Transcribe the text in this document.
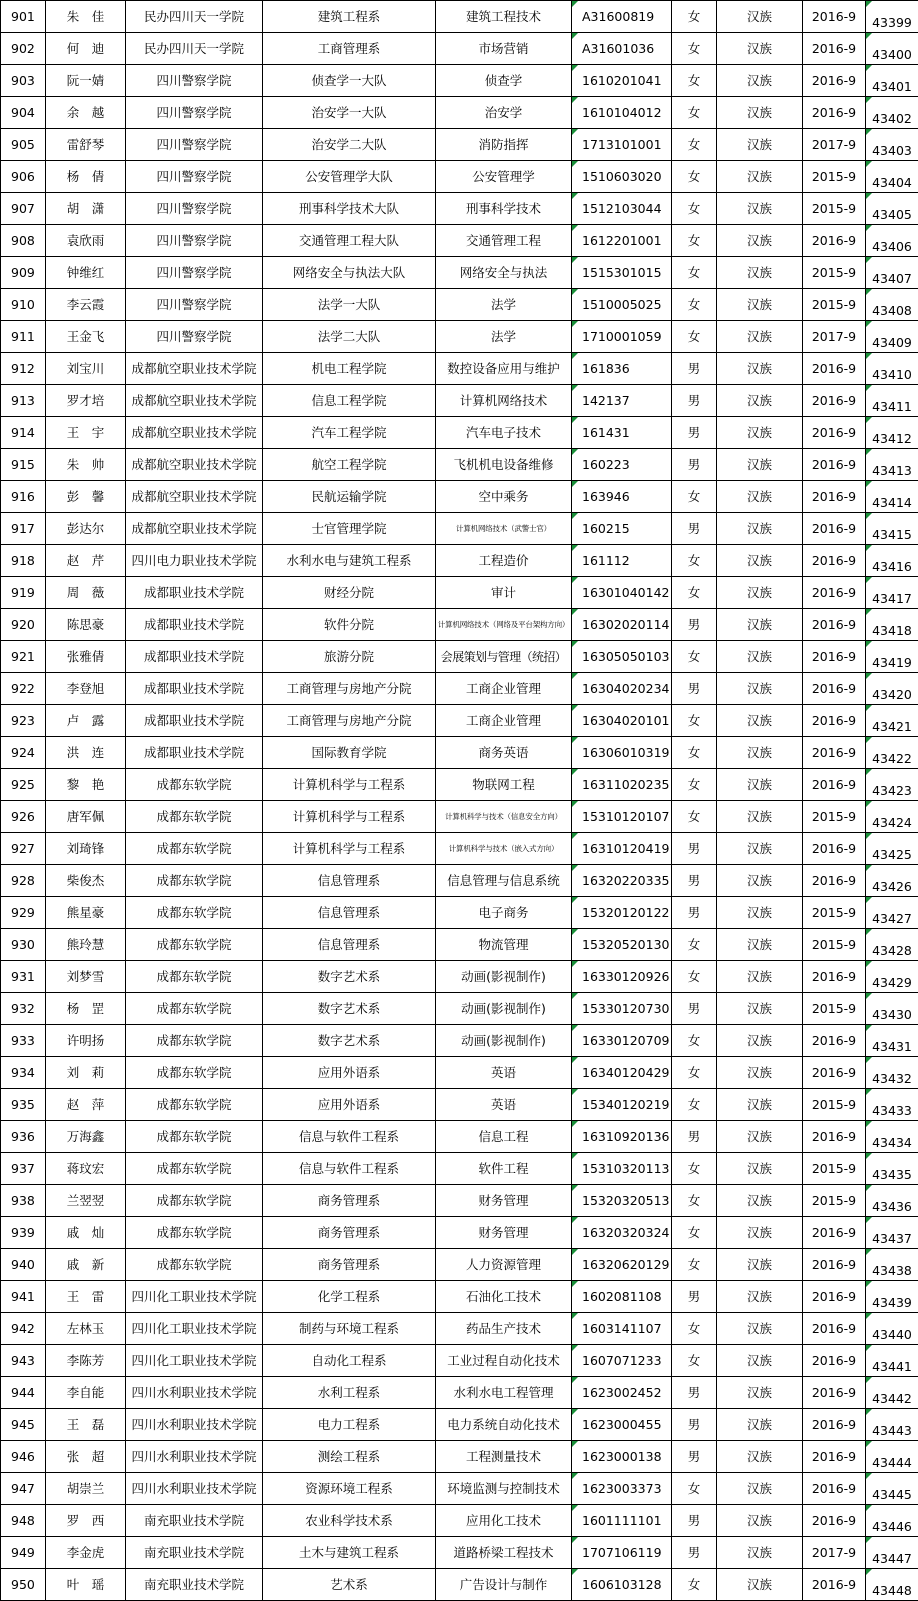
901	朱　佳	民办四川天一学院	建筑工程系	建筑工程技术	A31600819	女	汉族	2016-9	43399
902	何　迪	民办四川天一学院	工商管理系	市场营销	A31601036	女	汉族	2016-9	43400
903	阮一婧	四川警察学院	侦查学一大队	侦查学	1610201041	女	汉族	2016-9	43401
904	余　越	四川警察学院	治安学一大队	治安学	1610104012	女	汉族	2016-9	43402
905	雷舒琴	四川警察学院	治安学二大队	消防指挥	1713101001	女	汉族	2017-9	43403
906	杨　倩	四川警察学院	公安管理学大队	公安管理学	1510603020	女	汉族	2015-9	43404
907	胡　潇	四川警察学院	刑事科学技术大队	刑事科学技术	1512103044	女	汉族	2015-9	43405
908	袁欣雨	四川警察学院	交通管理工程大队	交通管理工程	1612201001	女	汉族	2016-9	43406
909	钟维红	四川警察学院	网络安全与执法大队	网络安全与执法	1515301015	女	汉族	2015-9	43407
910	李云霞	四川警察学院	法学一大队	法学	1510005025	女	汉族	2015-9	43408
911	王金飞	四川警察学院	法学二大队	法学	1710001059	女	汉族	2017-9	43409
912	刘宝川	成都航空职业技术学院	机电工程学院	数控设备应用与维护	161836	男	汉族	2016-9	43410
913	罗才培	成都航空职业技术学院	信息工程学院	计算机网络技术	142137	男	汉族	2016-9	43411
914	王　宇	成都航空职业技术学院	汽车工程学院	汽车电子技术	161431	男	汉族	2016-9	43412
915	朱　帅	成都航空职业技术学院	航空工程学院	飞机机电设备维修	160223	男	汉族	2016-9	43413
916	彭　馨	成都航空职业技术学院	民航运输学院	空中乘务	163946	女	汉族	2016-9	43414
917	彭达尔	成都航空职业技术学院	士官管理学院	计算机网络技术（武警士官）	160215	男	汉族	2016-9	43415
918	赵　芹	四川电力职业技术学院	水利水电与建筑工程系	工程造价	161112	女	汉族	2016-9	43416
919	周　薇	成都职业技术学院	财经分院	审计	16301040142	女	汉族	2016-9	43417
920	陈思豪	成都职业技术学院	软件分院	计算机网络技术（网络及平台架构方向）	16302020114	男	汉族	2016-9	43418
921	张雅倩	成都职业技术学院	旅游分院	会展策划与管理（统招）	16305050103	女	汉族	2016-9	43419
922	李登旭	成都职业技术学院	工商管理与房地产分院	工商企业管理	16304020234	男	汉族	2016-9	43420
923	卢　露	成都职业技术学院	工商管理与房地产分院	工商企业管理	16304020101	女	汉族	2016-9	43421
924	洪　连	成都职业技术学院	国际教育学院	商务英语	16306010319	女	汉族	2016-9	43422
925	黎　艳	成都东软学院	计算机科学与工程系	物联网工程	16311020235	女	汉族	2016-9	43423
926	唐军佩	成都东软学院	计算机科学与工程系	计算机科学与技术（信息安全方向）	15310120107	女	汉族	2015-9	43424
927	刘琦锋	成都东软学院	计算机科学与工程系	计算机科学与技术（嵌入式方向）	16310120419	男	汉族	2016-9	43425
928	柴俊杰	成都东软学院	信息管理系	信息管理与信息系统	16320220335	男	汉族	2016-9	43426
929	熊星豪	成都东软学院	信息管理系	电子商务	15320120122	男	汉族	2015-9	43427
930	熊玲慧	成都东软学院	信息管理系	物流管理	15320520130	女	汉族	2015-9	43428
931	刘梦雪	成都东软学院	数字艺术系	动画(影视制作)	16330120926	女	汉族	2016-9	43429
932	杨　罡	成都东软学院	数字艺术系	动画(影视制作)	15330120730	男	汉族	2015-9	43430
933	许明扬	成都东软学院	数字艺术系	动画(影视制作)	16330120709	女	汉族	2016-9	43431
934	刘　莉	成都东软学院	应用外语系	英语	16340120429	女	汉族	2016-9	43432
935	赵　萍	成都东软学院	应用外语系	英语	15340120219	女	汉族	2015-9	43433
936	万海鑫	成都东软学院	信息与软件工程系	信息工程	16310920136	男	汉族	2016-9	43434
937	蒋玟宏	成都东软学院	信息与软件工程系	软件工程	15310320113	女	汉族	2015-9	43435
938	兰翌翌	成都东软学院	商务管理系	财务管理	15320320513	女	汉族	2015-9	43436
939	戚　灿	成都东软学院	商务管理系	财务管理	16320320324	女	汉族	2016-9	43437
940	戚　新	成都东软学院	商务管理系	人力资源管理	16320620129	女	汉族	2016-9	43438
941	王　雷	四川化工职业技术学院	化学工程系	石油化工技术	1602081108	男	汉族	2016-9	43439
942	左林玉	四川化工职业技术学院	制药与环境工程系	药品生产技术	1603141107	女	汉族	2016-9	43440
943	李陈芳	四川化工职业技术学院	自动化工程系	工业过程自动化技术	1607071233	女	汉族	2016-9	43441
944	李自能	四川水利职业技术学院	水利工程系	水利水电工程管理	1623002452	男	汉族	2016-9	43442
945	王　磊	四川水利职业技术学院	电力工程系	电力系统自动化技术	1623000455	男	汉族	2016-9	43443
946	张　超	四川水利职业技术学院	测绘工程系	工程测量技术	1623000138	男	汉族	2016-9	43444
947	胡崇兰	四川水利职业技术学院	资源环境工程系	环境监测与控制技术	1623003373	女	汉族	2016-9	43445
948	罗　西	南充职业技术学院	农业科学技术系	应用化工技术	1601111101	男	汉族	2016-9	43446
949	李金虎	南充职业技术学院	土木与建筑工程系	道路桥梁工程技术	1707106119	男	汉族	2017-9	43447
950	叶　瑶	南充职业技术学院	艺术系	广告设计与制作	1606103128	女	汉族	2016-9	43448
